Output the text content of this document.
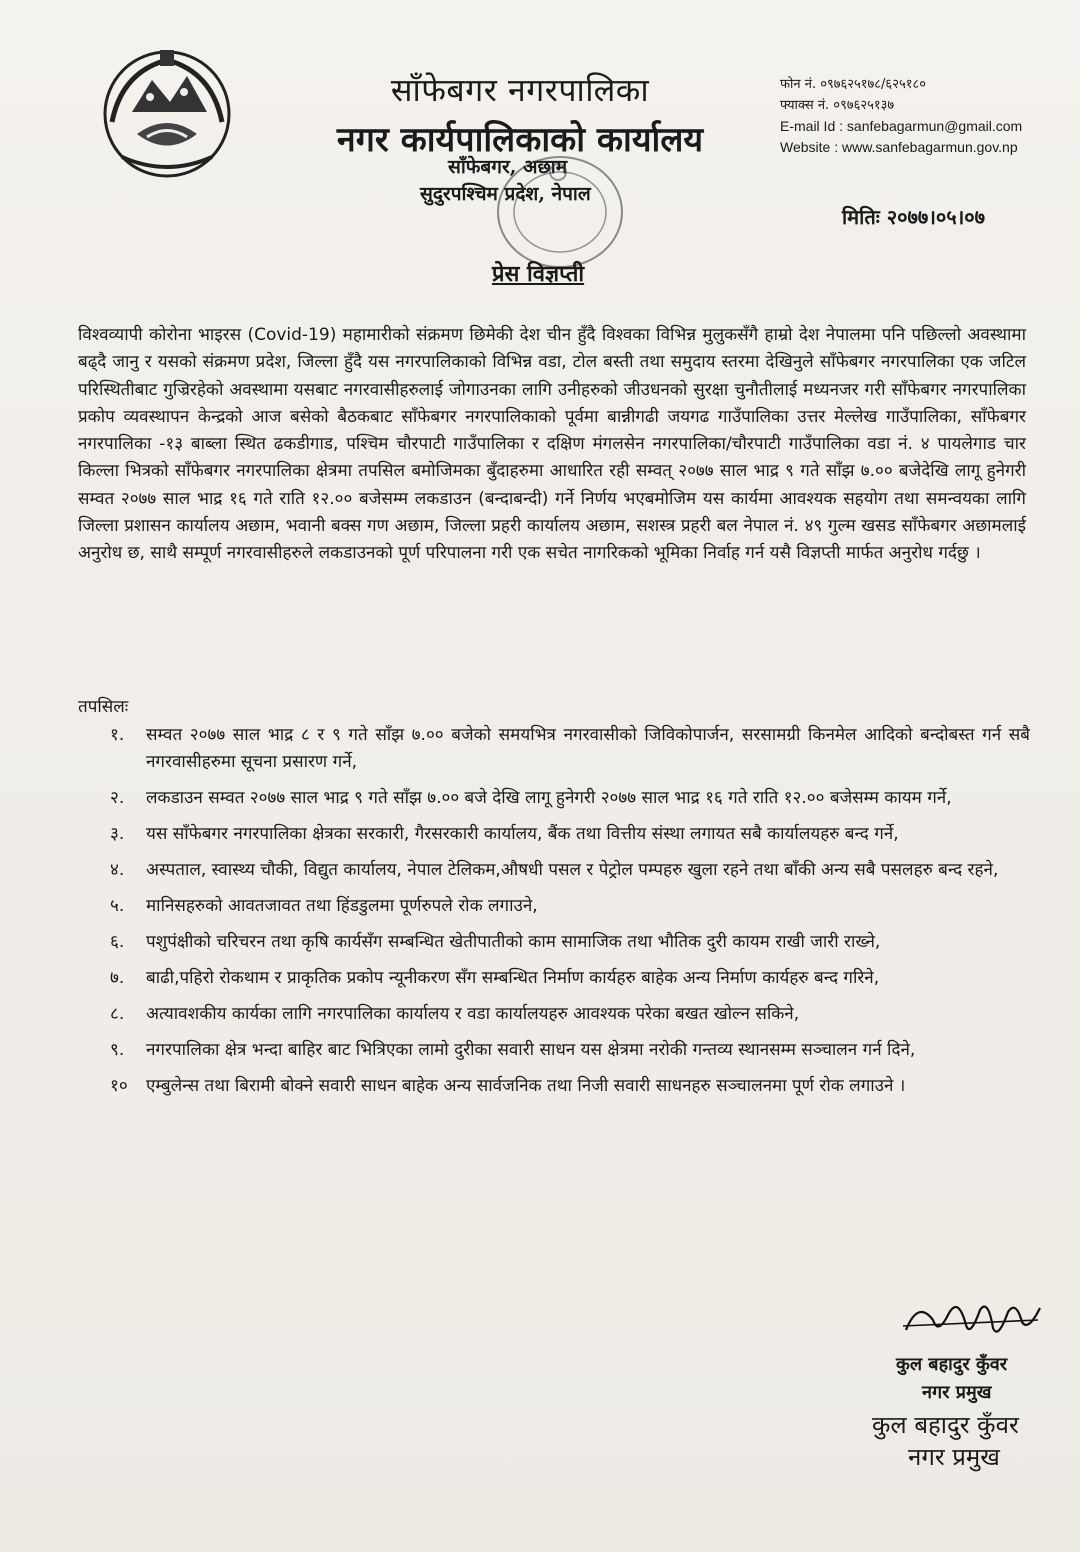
साँफेबगर नगरपालिका
नगर कार्यपालिकाको कार्यालय
साँफेबगर, अछाम
सुदुरपश्चिम प्रदेश, नेपाल
फोन नं. ०९७६२५१७८/६२५१८०
फ्याक्स नं. ०९७६२५१३७
E-mail Id : sanfebagarmun@gmail.com
Website : www.sanfebagarmun.gov.np
मितिः २०७७।०५।०७
प्रेस विज्ञप्ती

विश्वव्यापी कोरोना भाइरस (Covid-19) महामारीको संक्रमण छिमेकी देश चीन हुँदै विश्वका विभिन्न मुलुकसँगै हाम्रो देश नेपालमा पनि पछिल्लो अवस्थामा बढ्दै जानु र यसको संक्रमण प्रदेश, जिल्ला हुँदै यस नगरपालिकाको विभिन्न वडा, टोल बस्ती तथा समुदाय स्तरमा देखिनुले साँफेबगर नगरपालिका एक जटिल परिस्थितीबाट गुज्रिरहेको अवस्थामा यसबाट नगरवासीहरुलाई जोगाउनका लागि उनीहरुको जीउधनको सुरक्षा चुनौतीलाई मध्यनजर गरी साँफेबगर नगरपालिका प्रकोप व्यवस्थापन केन्द्रको आज बसेको बैठकबाट साँफेबगर नगरपालिकाको पूर्वमा बान्नीगढी जयगढ गाउँपालिका उत्तर मेल्लेख गाउँपालिका, साँफेबगर नगरपालिका -१३ बाब्ला स्थित ढकडीगाड, पश्चिम चौरपाटी गाउँपालिका र दक्षिण मंगलसेन नगरपालिका/चौरपाटी गाउँपालिका वडा नं. ४ पायलेगाड चार किल्ला भित्रको साँफेबगर नगरपालिका क्षेत्रमा तपसिल बमोजिमका बुँदाहरुमा आधारित रही सम्वत् २०७७ साल भाद्र ९ गते साँझ ७.०० बजेदेखि लागू हुनेगरी सम्वत २०७७ साल भाद्र १६ गते राति १२.०० बजेसम्म लकडाउन (बन्दाबन्दी) गर्ने निर्णय भएबमोजिम यस कार्यमा आवश्यक सहयोग तथा समन्वयका लागि जिल्ला प्रशासन कार्यालय अछाम, भवानी बक्स गण अछाम, जिल्ला प्रहरी कार्यालय अछाम, सशस्त्र प्रहरी बल नेपाल नं. ४९ गुल्म खसड साँफेबगर अछामलाई अनुरोध छ, साथै सम्पूर्ण नगरवासीहरुले लकडाउनको पूर्ण परिपालना गरी एक सचेत नागरिकको भूमिका निर्वाह गर्न यसै विज्ञप्ती मार्फत अनुरोध गर्दछु ।

तपसिलः
१.	सम्वत २०७७ साल भाद्र ८ र ९ गते साँझ ७.०० बजेको समयभित्र नगरवासीको जिविकोपार्जन, सरसामग्री किनमेल आदिको बन्दोबस्त गर्न सबै नगरवासीहरुमा सूचना प्रसारण गर्ने,
२.	लकडाउन सम्वत २०७७ साल भाद्र ९ गते साँझ ७.०० बजे देखि लागू हुनेगरी २०७७ साल भाद्र १६ गते राति १२.०० बजेसम्म कायम गर्ने,
३.	यस साँफेबगर नगरपालिका क्षेत्रका सरकारी, गैरसरकारी कार्यालय, बैंक तथा वित्तीय संस्था लगायत सबै कार्यालयहरु बन्द गर्ने,
४.	अस्पताल, स्वास्थ्य चौकी, विद्युत कार्यालय, नेपाल टेलिकम,औषधी पसल र पेट्रोल पम्पहरु खुला रहने तथा बाँकी अन्य सबै पसलहरु बन्द रहने,
५.	मानिसहरुको आवतजावत तथा हिंडडुलमा पूर्णरुपले रोक लगाउने,
६.	पशुपंक्षीको चरिचरन तथा कृषि कार्यसँग सम्बन्धित खेतीपातीको काम सामाजिक तथा भौतिक दुरी कायम राखी जारी राख्ने,
७.	बाढी,पहिरो रोकथाम र प्राकृतिक प्रकोप न्यूनीकरण सँग सम्बन्धित निर्माण कार्यहरु बाहेक अन्य निर्माण कार्यहरु बन्द गरिने,
८.	अत्यावशकीय कार्यका लागि नगरपालिका कार्यालय र वडा कार्यालयहरु आवश्यक परेका बखत खोल्न सकिने,
९.	नगरपालिका क्षेत्र भन्दा बाहिर बाट भित्रिएका लामो दुरीका सवारी साधन यस क्षेत्रमा नरोकी गन्तव्य स्थानसम्म सञ्चालन गर्न दिने,
१०	एम्बुलेन्स तथा बिरामी बोक्ने सवारी साधन बाहेक अन्य सार्वजनिक तथा निजी सवारी साधनहरु सञ्चालनमा पूर्ण रोक लगाउने ।
कुल बहादुर कुँवर
नगर प्रमुख
कुल बहादुर कुँवर
नगर प्रमुख
